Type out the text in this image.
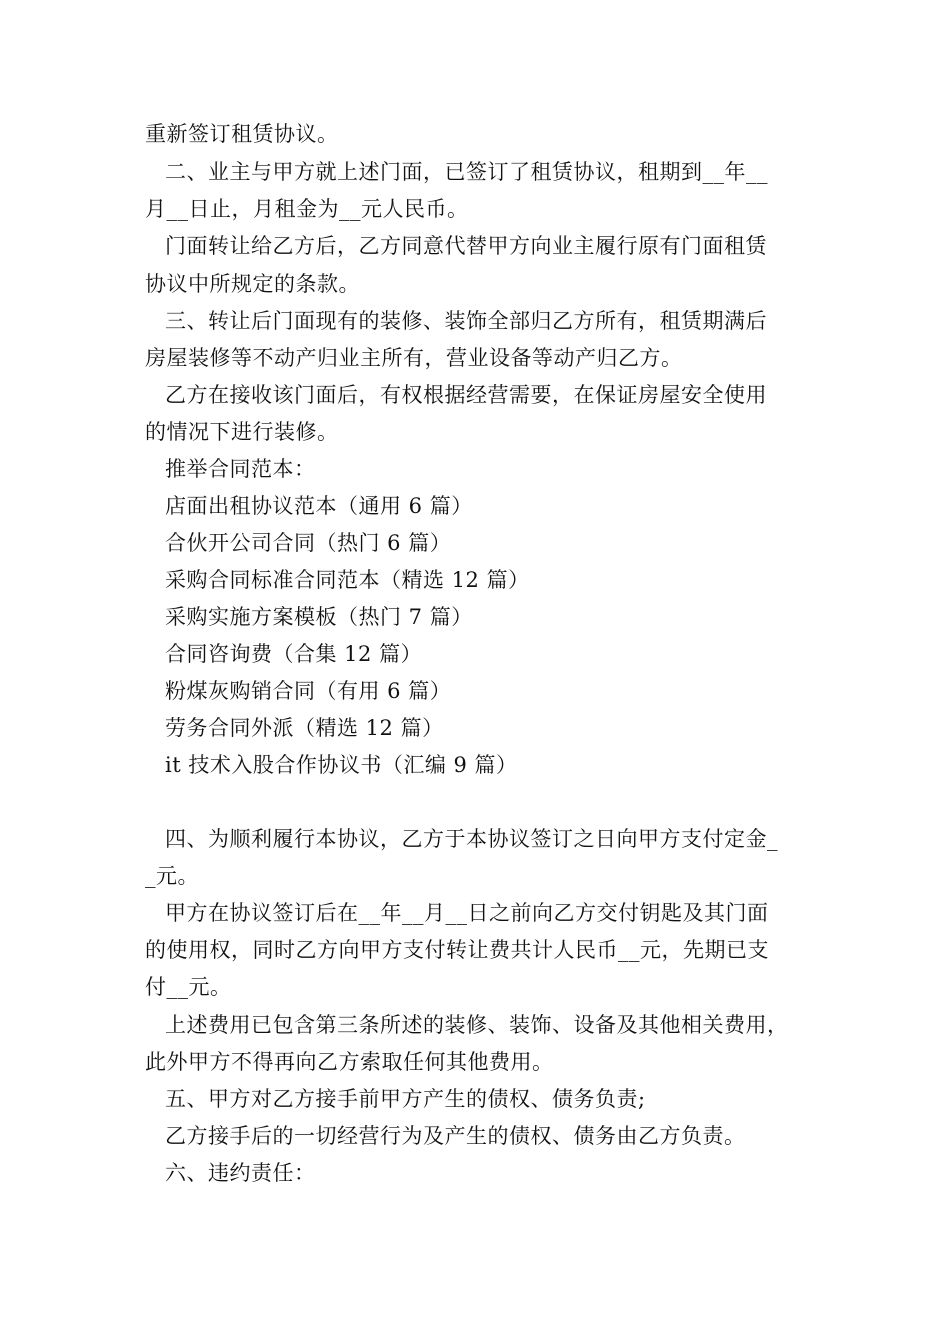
重新签订租赁协议。
二、业主与甲方就上述门面，已签订了租赁协议，租期到__年__
月__日止，月租金为__元人民币。
门面转让给乙方后，乙方同意代替甲方向业主履行原有门面租赁
协议中所规定的条款。
三、转让后门面现有的装修、装饰全部归乙方所有，租赁期满后
房屋装修等不动产归业主所有，营业设备等动产归乙方。
乙方在接收该门面后，有权根据经营需要，在保证房屋安全使用
的情况下进行装修。
推举合同范本：
店面出租协议范本（通用 6 篇）
合伙开公司合同（热门 6 篇）
采购合同标准合同范本（精选 12 篇）
采购实施方案模板（热门 7 篇）
合同咨询费（合集 12 篇）
粉煤灰购销合同（有用 6 篇）
劳务合同外派（精选 12 篇）
it 技术入股合作协议书（汇编 9 篇）
四、为顺利履行本协议，乙方于本协议签订之日向甲方支付定金_
_元。
甲方在协议签订后在__年__月__日之前向乙方交付钥匙及其门面
的使用权，同时乙方向甲方支付转让费共计人民币__元，先期已支
付__元。
上述费用已包含第三条所述的装修、装饰、设备及其他相关费用，
此外甲方不得再向乙方索取任何其他费用。
五、甲方对乙方接手前甲方产生的债权、债务负责;
乙方接手后的一切经营行为及产生的债权、债务由乙方负责。
六、违约责任：
